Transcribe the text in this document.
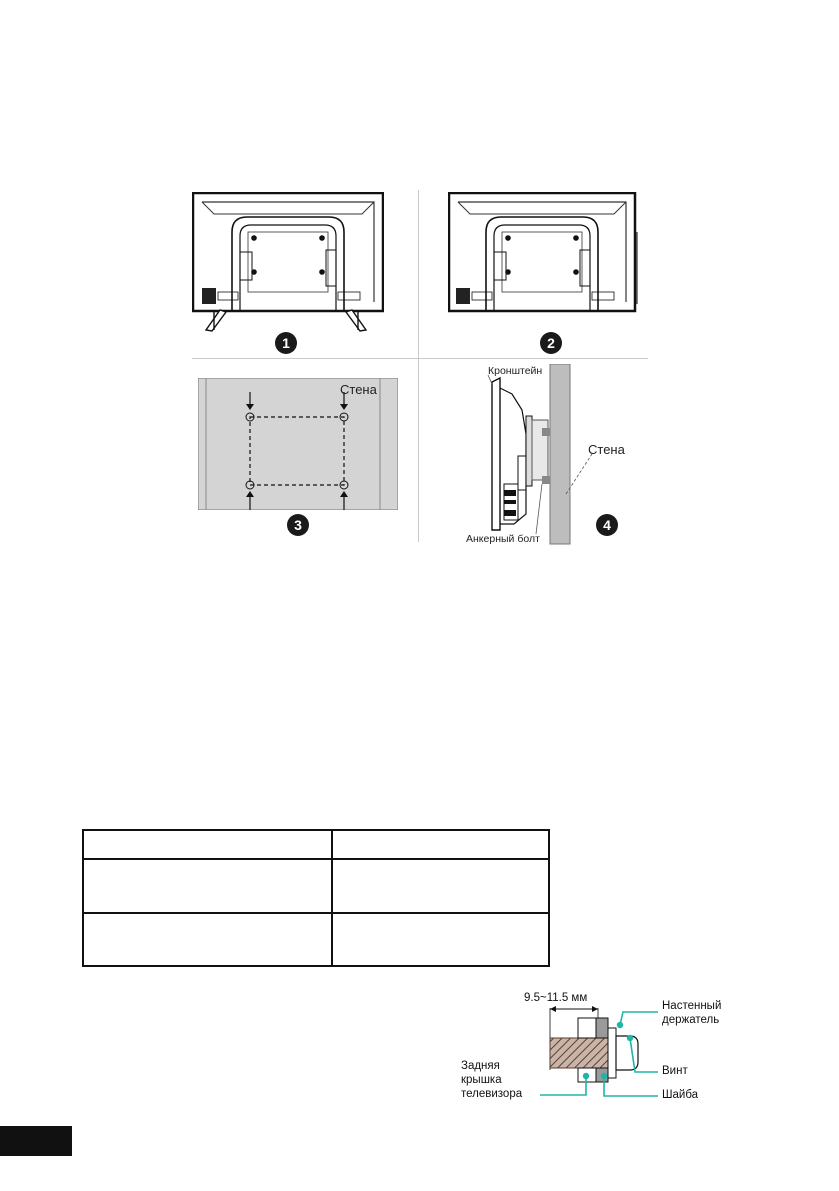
Стена
Кронштейн
Стена
Анкерный болт
1	2
3	4

9.5~11.5 мм
Настенный
держатель
Винт
Задняя
крышка
телевизора	Шайба
